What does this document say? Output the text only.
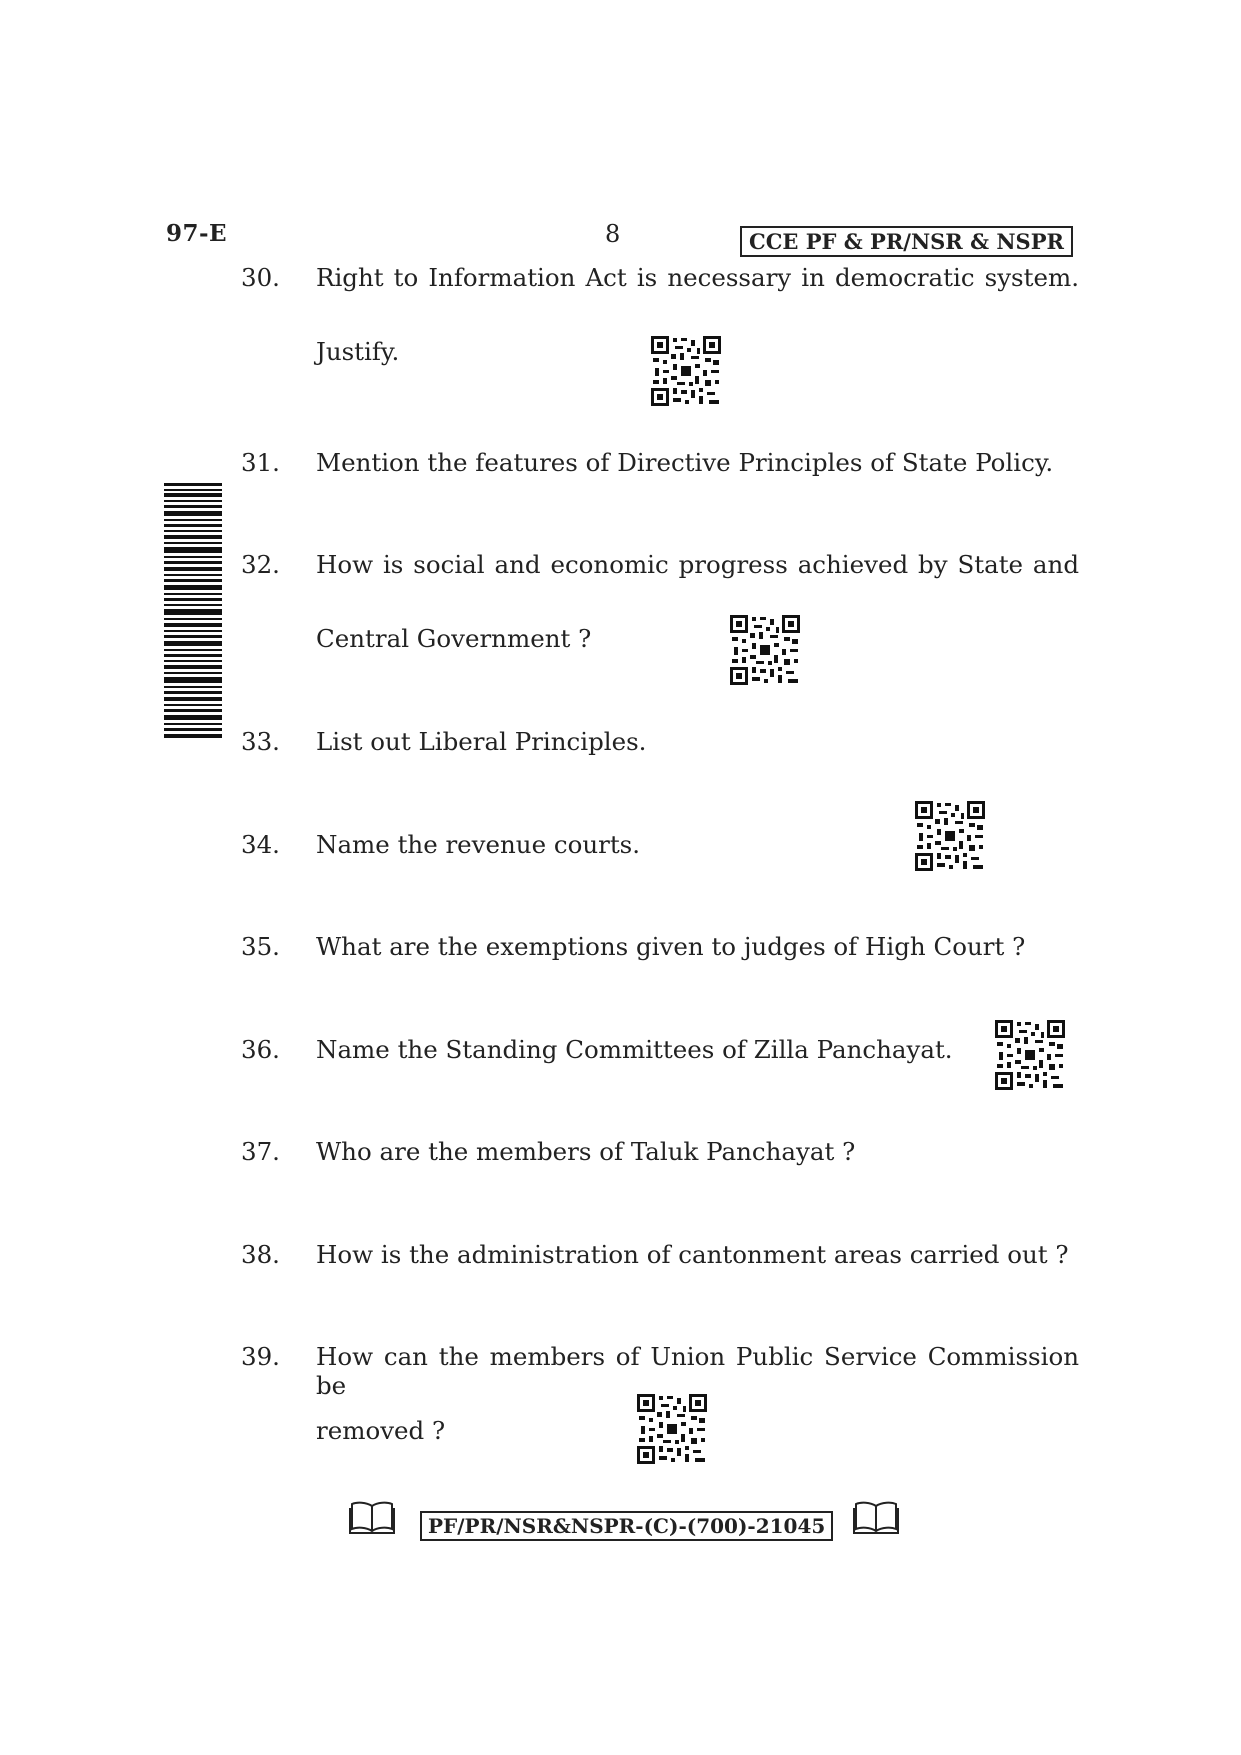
97-E	8	CCE PF & PR/NSR & NSPR
30. Right to Information Act is necessary in democratic system.
Justify.
31. Mention the features of Directive Principles of State Policy.
32. How is social and economic progress achieved by State and
Central Government ?
33. List out Liberal Principles.
34. Name the revenue courts.
35. What are the exemptions given to judges of High Court ?
36. Name the Standing Committees of Zilla Panchayat.
37. Who are the members of Taluk Panchayat ?
38. How is the administration of cantonment areas carried out ?
39. How can the members of Union Public Service Commission be
removed ?
PF/PR/NSR&NSPR-(C)-(700)-21045
